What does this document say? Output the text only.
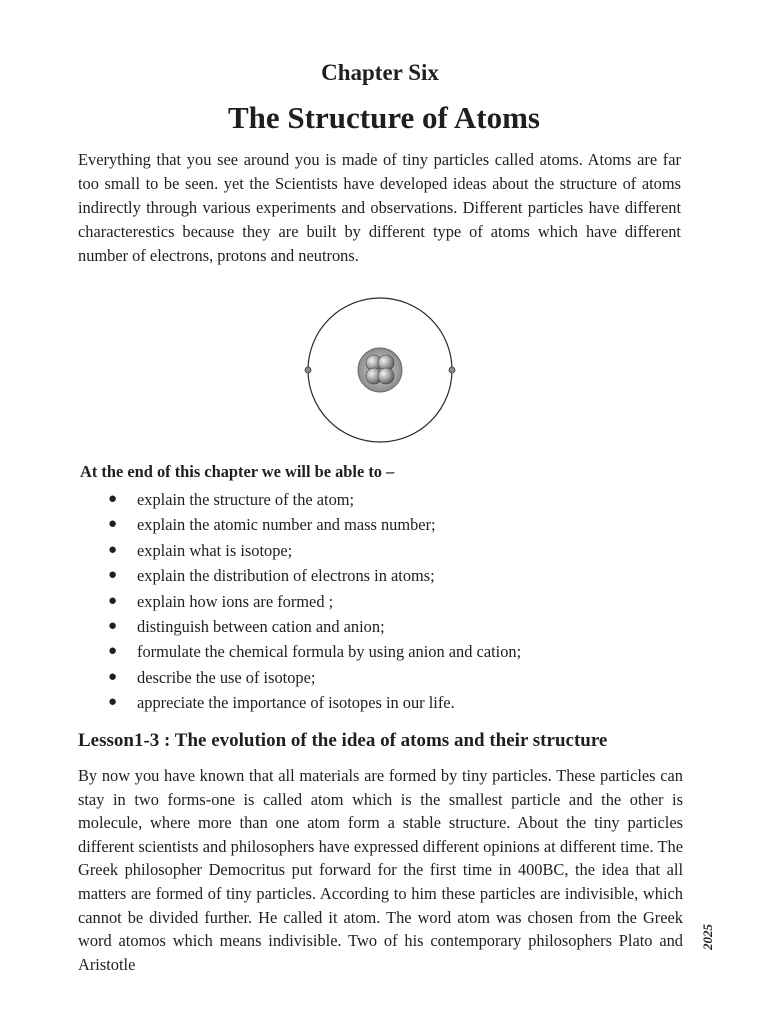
Chapter Six
The Structure of Atoms

Everything that you see around you is made of tiny particles called atoms. Atoms are far too small to be seen. yet the Scientists have developed ideas about the structure of atoms indirectly through various experiments and observations. Different particles have different characterestics because they are built by different type of atoms which have different number of electrons, protons and neutrons.

At the end of this chapter we will be able to –
●	explain the structure of the atom;
●	explain the atomic number and mass number;
●	explain what is isotope;
●	explain the distribution of electrons in atoms;
●	explain how ions are formed ;
●	distinguish between cation and anion;
●	formulate the chemical formula by using anion and cation;
●	describe the use of isotope;
●	appreciate the importance of isotopes in our life.
Lesson1-3 : The evolution of the idea of atoms and their structure

By now you have known that all materials are formed by tiny particles. These particles can stay in two forms-one is called atom which is the smallest particle and the other is molecule, where more than one atom form a stable structure. About the tiny particles different scientists and philosophers have expressed different opinions at different time. The Greek philosopher Democritus put forward for the first time in 400BC, the idea that all matters are formed of tiny particles. According to him these particles are indivisible, which cannot be divided further. He called it atom. The word atom was chosen from the Greek word atomos which means indivisible. Two of his contemporary philosophers Plato and Aristotle

2025
